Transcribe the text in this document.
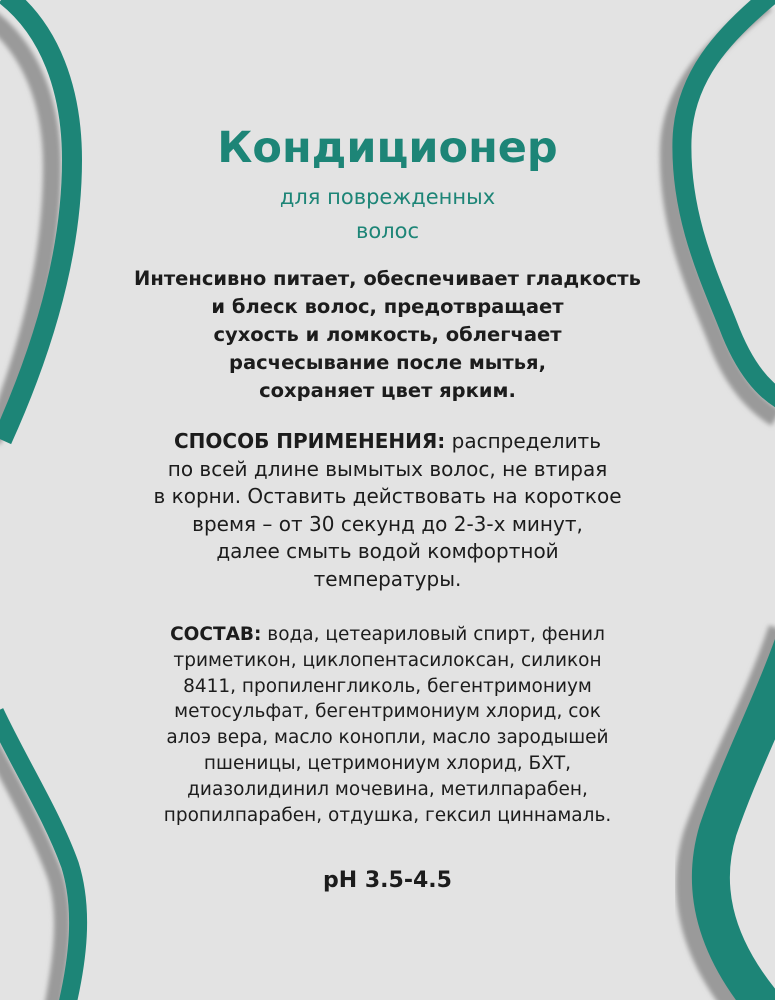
Кондиционер
для поврежденных
волос
Интенсивно питает, обеспечивает гладкость
и блеск волос, предотвращает
сухость и ломкость, облегчает
расчесывание после мытья,
сохраняет цвет ярким.
СПОСОБ ПРИМЕНЕНИЯ: распределить
по всей длине вымытых волос, не втирая
в корни. Оставить действовать на короткое
время – от 30 секунд до 2-3-х минут,
далее смыть водой комфортной
температуры.
СОСТАВ: вода, цетеариловый спирт, фенил
триметикон, циклопентасилоксан, силикон
8411, пропиленгликоль, бегентримониум
метосульфат, бегентримониум хлорид, сок
алоэ вера, масло конопли, масло зародышей
пшеницы, цетримониум хлорид, БХТ,
диазолидинил мочевина, метилпарабен,
пропилпарабен, отдушка, гексил циннамаль.
pH 3.5-4.5
